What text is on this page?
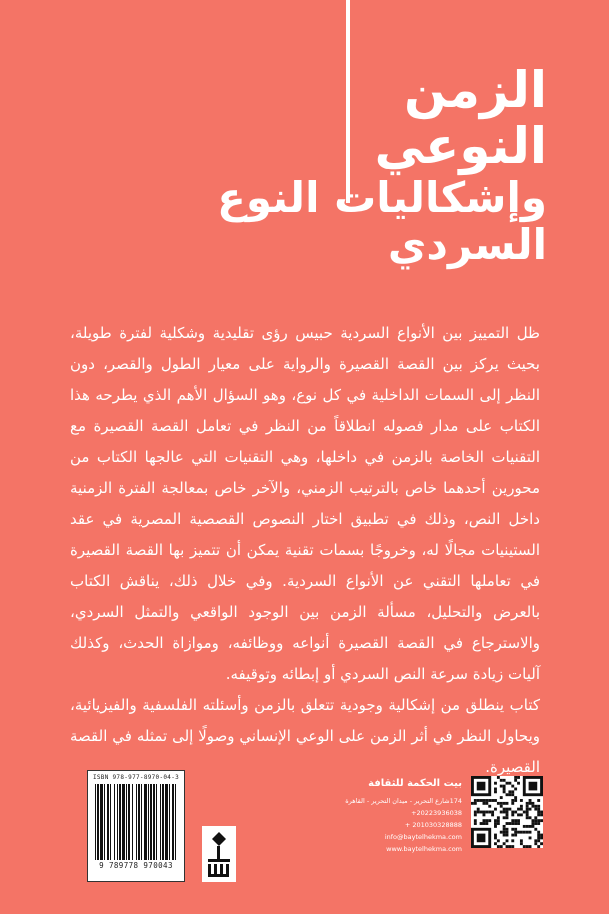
الزمن
النوعي
وإشكاليات النوع
السردي

ظل التمييز بين الأنواع السردية حبيس رؤى تقليدية وشكلية لفترة طويلة، بحيث يركز بين القصة القصيرة والرواية على معيار الطول والقصر، دون النظر إلى السمات الداخلية في كل نوع، وهو السؤال الأهم الذي يطرحه هذا الكتاب على مدار فصوله انطلاقاً من النظر في تعامل القصة القصيرة مع التقنيات الخاصة بالزمن في داخلها، وهي التقنيات التي عالجها الكتاب من محورين أحدهما خاص بالترتيب الزمني، والآخر خاص بمعالجة الفترة الزمنية داخل النص، وذلك في تطبيق اختار النصوص القصصية المصرية في عقد الستينيات مجالًا له، وخروجًا بسمات تقنية يمكن أن تتميز بها القصة القصيرة في تعاملها التقني عن الأنواع السردية. وفي خلال ذلك، يناقش الكتاب بالعرض والتحليل، مسألة الزمن بين الوجود الواقعي والتمثل السردي، والاسترجاع في القصة القصيرة أنواعه ووظائفه، وموازاة الحدث، وكذلك آليات زيادة سرعة النص السردي أو إبطائه وتوقيفه.

كتاب ينطلق من إشكالية وجودية تتعلق بالزمن وأسئلته الفلسفية والفيزيائية، ويحاول النظر في أثر الزمن على الوعي الإنساني وصولًا إلى تمثله في القصة القصيرة.

ISBN 978-977-8970-04-3
9 789778 970043
بيت الحكمة للثقافة
174شارع التحرير - ميدان التحرير - القاهرة
+20223936038
+ 201030328888
info@baytelhekma.com
www.baytelhekma.com
